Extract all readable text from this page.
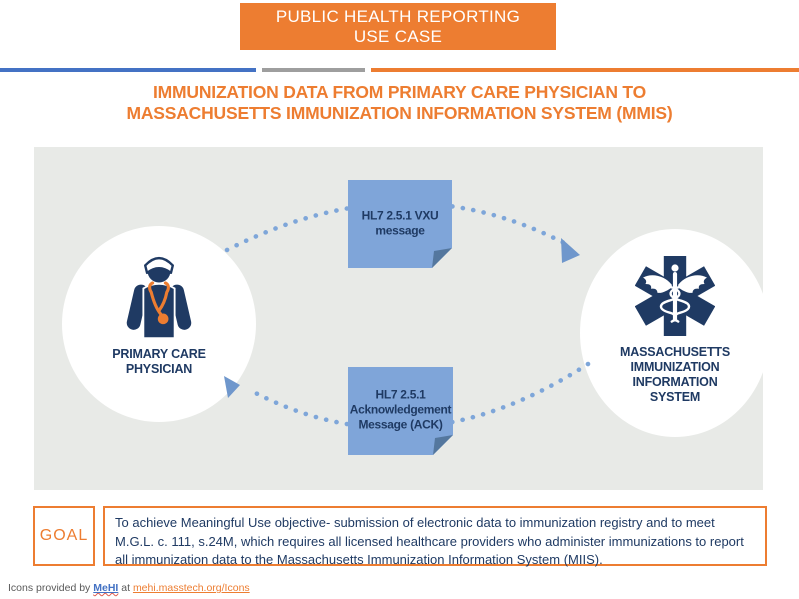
PUBLIC HEALTH REPORTING
USE CASE
IMMUNIZATION DATA FROM PRIMARY CARE PHYSICIAN TO
MASSACHUSETTS IMMUNIZATION INFORMATION SYSTEM (MMIS)
PRIMARY CARE
PHYSICIAN
MASSACHUSETTS
IMMUNIZATION
INFORMATION
SYSTEM
HL7 2.5.1 VXU
message
HL7 2.5.1
Acknowledgement
Message (ACK)
GOAL
To achieve Meaningful Use objective- submission of electronic data to immunization registry and to meet M.G.L. c. 111, s.24M, which requires all licensed healthcare providers who administer immunizations to report all immunization data to the Massachusetts Immunization Information System (MIIS).
Icons provided by MeHI at mehi.masstech.org/Icons
